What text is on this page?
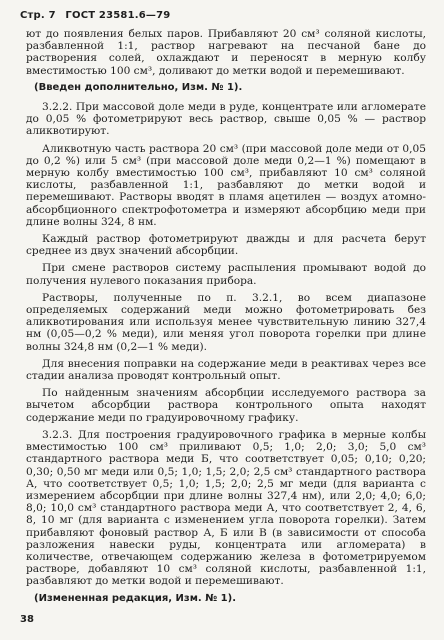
Стр. 7 ГОСТ 23581.6—79

ют до появления белых паров. Прибавляют 20 см³ соляной кислоты, разбавленной 1:1, раствор нагревают на песчаной бане до растворения солей, охлаждают и переносят в мерную колбу вместимостью 100 см³, доливают до метки водой и перемешивают.

(Введен дополнительно, Изм. № 1).

3.2.2. При массовой доле меди в руде, концентрате или агломерате до 0,05 % фотометрируют весь раствор, свыше 0,05 % — раствор аликвотируют.

Аликвотную часть раствора 20 см³ (при массовой доле меди от 0,05 до 0,2 %) или 5 см³ (при массовой доле меди 0,2—1 %) помещают в мерную колбу вместимостью 100 см³, прибавляют 10 см³ соляной кислоты, разбавленной 1:1, разбавляют до метки водой и перемешивают. Растворы вводят в пламя ацетилен — воздух атомно-абсорбционного спектрофотометра и измеряют абсорбцию меди при длине волны 324, 8 нм.

Каждый раствор фотометрируют дважды и для расчета берут среднее из двух значений абсорбции.

При смене растворов систему распыления промывают водой до получения нулевого показания прибора.

Растворы, полученные по п. 3.2.1, во всем диапазоне определяемых содержаний меди можно фотометрировать без аликвотирования или используя менее чувствительную линию 327,4 нм (0,05—0,2 % меди), или меняя угол поворота горелки при длине волны 324,8 нм (0,2—1 % меди).

Для внесения поправки на содержание меди в реактивах через все стадии анализа проводят контрольный опыт.

По найденным значениям абсорбции исследуемого раствора за вычетом абсорбции раствора контрольного опыта находят содержание меди по градуировочному графику.

3.2.3. Для построения градуировочного графика в мерные колбы вместимостью 100 см³ приливают 0,5; 1,0; 2,0; 3,0; 5,0 см³ стандартного раствора меди Б, что соответствует 0,05; 0,10; 0,20; 0,30; 0,50 мг меди или 0,5; 1,0; 1,5; 2,0; 2,5 см³ стандартного раствора А, что соответствует 0,5; 1,0; 1,5; 2,0; 2,5 мг меди (для варианта с измерением абсорбции при длине волны 327,4 нм), или 2,0; 4,0; 6,0; 8,0; 10,0 см³ стандартного раствора меди А, что соответствует 2, 4, 6, 8, 10 мг (для варианта с изменением угла поворота горелки). Затем прибавляют фоновый раствор А, Б или В (в зависимости от способа разложения навески руды, концентрата или агломерата) в количестве, отвечающем содержанию железа в фотометрируемом растворе, добавляют 10 см³ соляной кислоты, разбавленной 1:1, разбавляют до метки водой и перемешивают.

(Измененная редакция, Изм. № 1).

38
